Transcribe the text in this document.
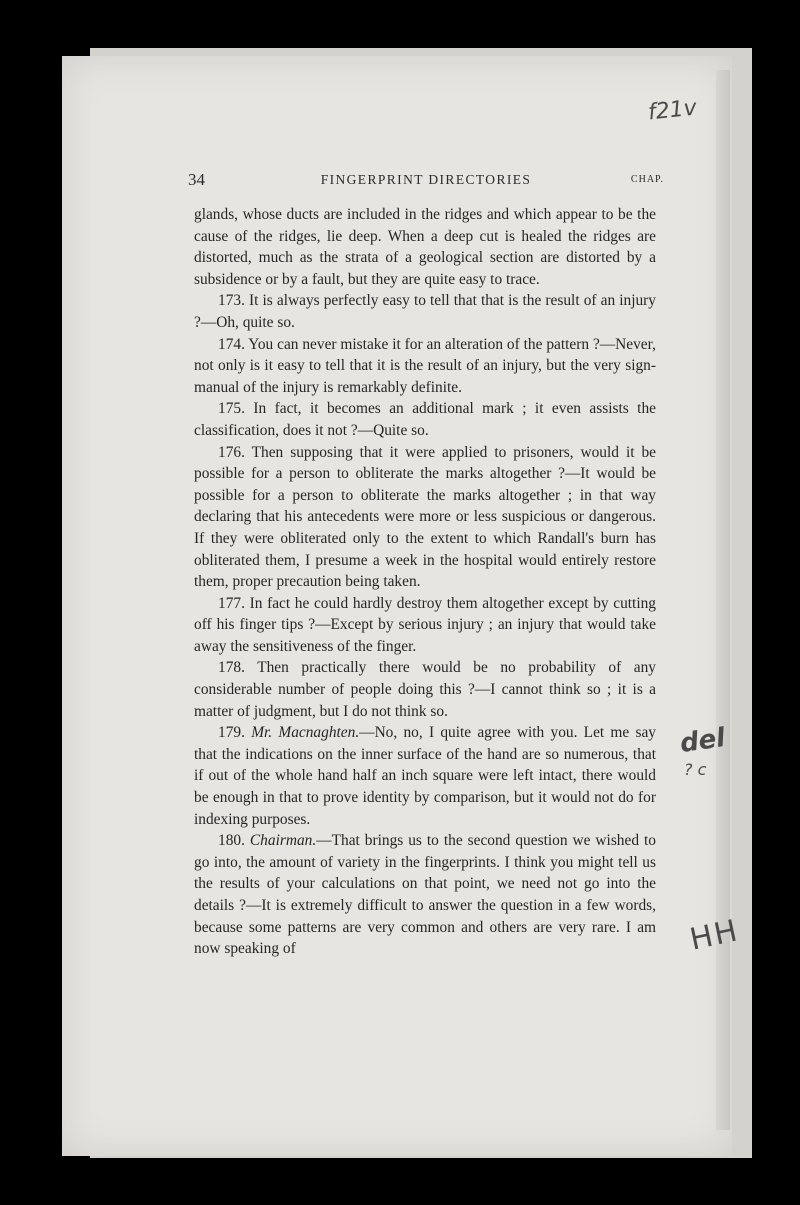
34	FINGERPRINT DIRECTORIES	CHAP.

glands, whose ducts are included in the ridges and which appear to be the cause of the ridges, lie deep. When a deep cut is healed the ridges are distorted, much as the strata of a geological section are distorted by a subsidence or by a fault, but they are quite easy to trace.

173. It is always perfectly easy to tell that that is the result of an injury ?—Oh, quite so.

174. You can never mistake it for an alteration of the pattern ?—Never, not only is it easy to tell that it is the result of an injury, but the very sign-manual of the injury is remarkably definite.

175. In fact, it becomes an additional mark ; it even assists the classification, does it not ?—Quite so.

176. Then supposing that it were applied to prisoners, would it be possible for a person to obliterate the marks altogether ?—It would be possible for a person to obliterate the marks altogether ; in that way declaring that his antecedents were more or less suspicious or dangerous. If they were obliterated only to the extent to which Randall's burn has obliterated them, I presume a week in the hospital would entirely restore them, proper precaution being taken.

177. In fact he could hardly destroy them altogether except by cutting off his finger tips ?—Except by serious injury ; an injury that would take away the sensitiveness of the finger.

178. Then practically there would be no probability of any considerable number of people doing this ?—I cannot think so ; it is a matter of judgment, but I do not think so.

179. Mr. Macnaghten.—No, no, I quite agree with you. Let me say that the indications on the inner surface of the hand are so numerous, that if out of the whole hand half an inch square were left intact, there would be enough in that to prove identity by comparison, but it would not do for indexing purposes.

180. Chairman.—That brings us to the second question we wished to go into, the amount of variety in the fingerprints. I think you might tell us the results of your calculations on that point, we need not go into the details ?—It is extremely difficult to answer the question in a few words, because some patterns are very common and others are very rare. I am now speaking of

f21v
del
? c
HH
